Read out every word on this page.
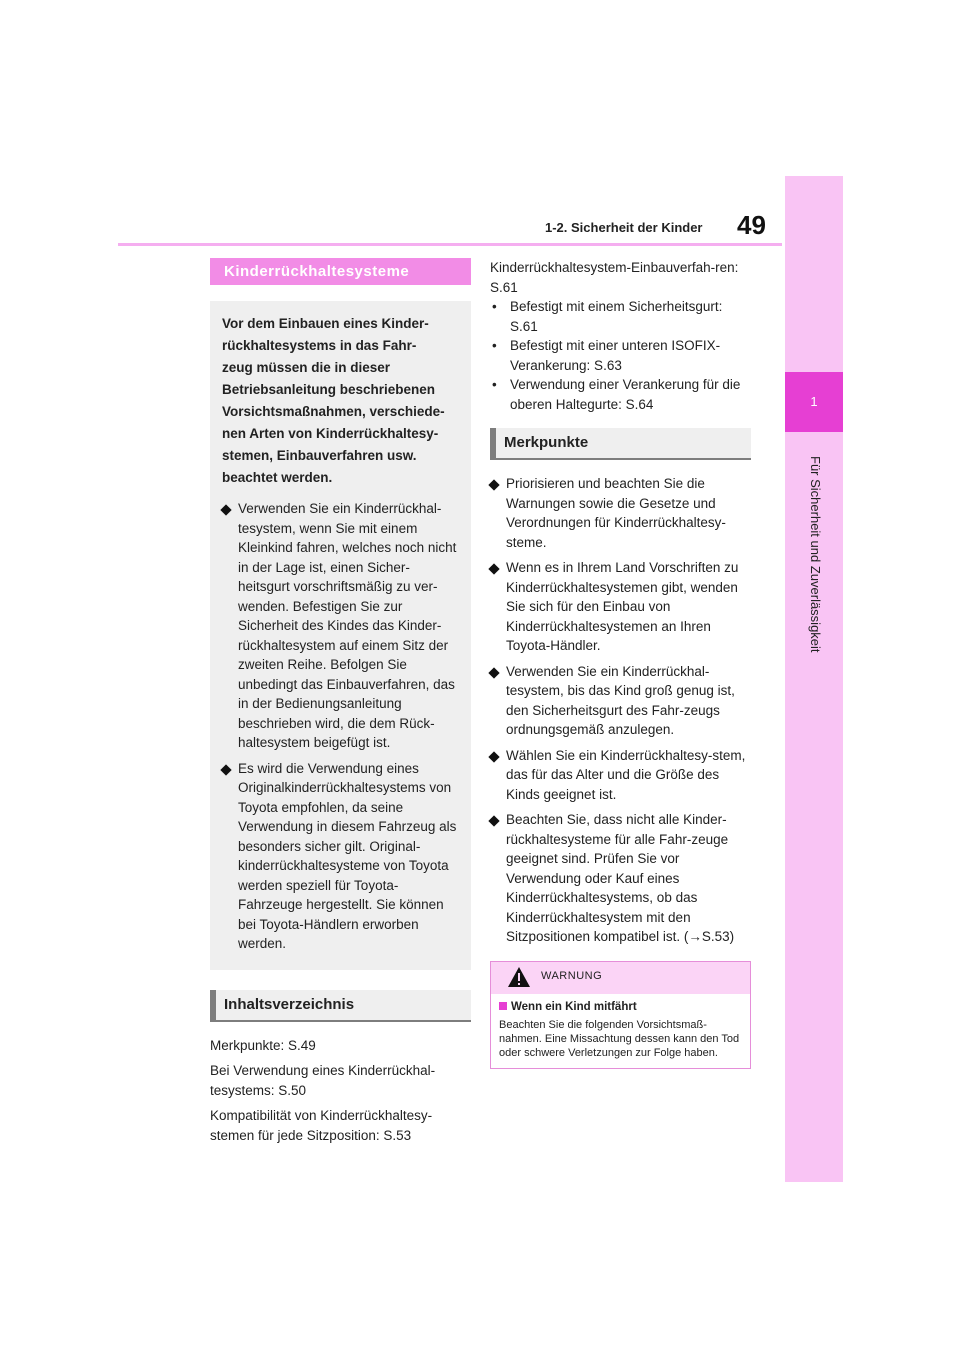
49
1-2. Sicherheit der Kinder
1
Für Sicherheit und Zuverlässigkeit
Kinderrückhaltesysteme
Vor dem Einbauen eines Kinder-
rückhaltesystems in das Fahr-
zeug müssen die in dieser
Betriebsanleitung beschriebenen
Vorsichtsmaßnahmen, verschiede-
nen Arten von Kinderrückhaltesy-
stemen, Einbauverfahren usw.
beachtet werden.
Verwenden Sie ein Kinderrückhal-tesystem, wenn Sie mit einem Kleinkind fahren, welches noch nicht in der Lage ist, einen Sicher-heitsgurt vorschriftsmäßig zu ver-wenden. Befestigen Sie zur Sicherheit des Kindes das Kinder-rückhaltesystem auf einem Sitz der zweiten Reihe. Befolgen Sie unbedingt das Einbauverfahren, das in der Bedienungsanleitung beschrieben wird, die dem Rück-haltesystem beigefügt ist.
Es wird die Verwendung eines Originalkinderrückhaltesystems von Toyota empfohlen, da seine Verwendung in diesem Fahrzeug als besonders sicher gilt. Original-kinderrückhaltesysteme von Toyota werden speziell für Toyota-Fahrzeuge hergestellt. Sie können bei Toyota-Händlern erworben werden.
Inhaltsverzeichnis

Merkpunkte: S.49

Bei Verwendung eines Kinderrückhal-tesystems: S.50

Kompatibilität von Kinderrückhaltesy-stemen für jede Sitzposition: S.53

Kinderrückhaltesystem-Einbauverfah-ren: S.61

• Befestigt mit einem Sicherheitsgurt: S.61
• Befestigt mit einer unteren ISOFIX-Verankerung: S.63
• Verwendung einer Verankerung für die oberen Haltegurte: S.64
Merkpunkte
Priorisieren und beachten Sie die Warnungen sowie die Gesetze und Verordnungen für Kinderrückhaltesy-steme.
Wenn es in Ihrem Land Vorschriften zu Kinderrückhaltesystemen gibt, wenden Sie sich für den Einbau von Kinderrückhaltesystemen an Ihren Toyota-Händler.
Verwenden Sie ein Kinderrückhal-tesystem, bis das Kind groß genug ist, den Sicherheitsgurt des Fahr-zeugs ordnungsgemäß anzulegen.
Wählen Sie ein Kinderrückhaltesy-stem, das für das Alter und die Größe des Kinds geeignet ist.
Beachten Sie, dass nicht alle Kinder-rückhaltesysteme für alle Fahr-zeuge geeignet sind. Prüfen Sie vor Verwendung oder Kauf eines Kinderrückhaltesystems, ob das Kinderrückhaltesystem mit den Sitzpositionen kompatibel ist. (→S.53)
WARNUNG
Wenn ein Kind mitfährt
Beachten Sie die folgenden Vorsichtsmaß-nahmen. Eine Missachtung dessen kann den Tod oder schwere Verletzungen zur Folge haben.
